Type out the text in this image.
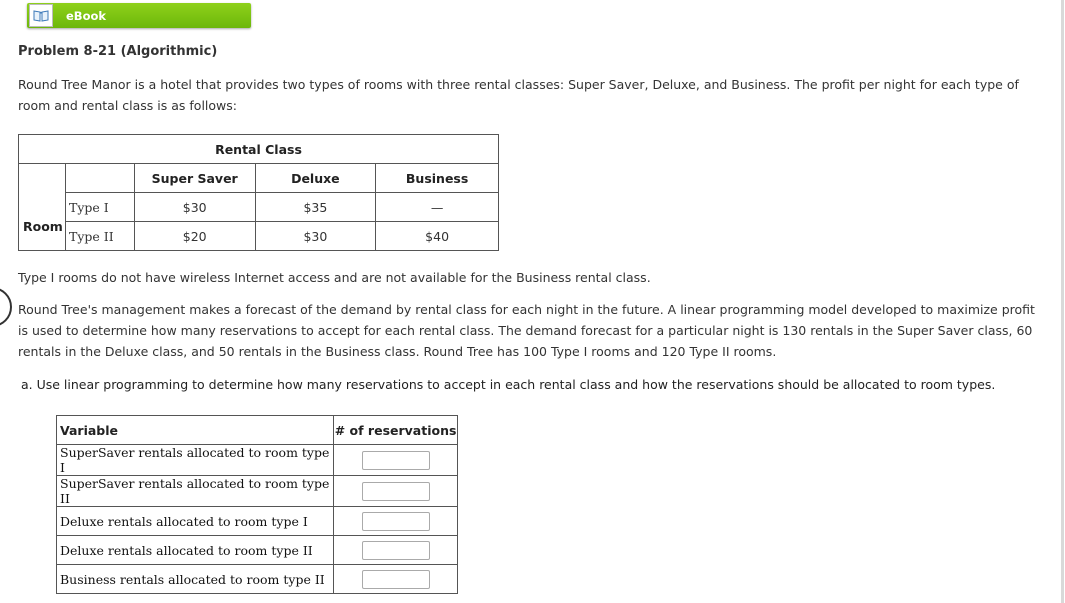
eBook
Problem 8-21 (Algorithmic)
Round Tree Manor is a hotel that provides two types of rooms with three rental classes: Super Saver, Deluxe, and Business. The profit per night for each type of room and rental class is as follows:
Rental Class				
Room		Super Saver	Deluxe	Business
	Type I	$30	$35	—
	Type II	$20	$30	$40
Type I rooms do not have wireless Internet access and are not available for the Business rental class.
Round Tree's management makes a forecast of the demand by rental class for each night in the future. A linear programming model developed to maximize profit is used to determine how many reservations to accept for each rental class. The demand forecast for a particular night is 130 rentals in the Super Saver class, 60 rentals in the Deluxe class, and 50 rentals in the Business class. Round Tree has 100 Type I rooms and 120 Type II rooms.
a. Use linear programming to determine how many reservations to accept in each rental class and how the reservations should be allocated to room types.
Variable	# of reservations
SuperSaver rentals allocated to room type I	
SuperSaver rentals allocated to room type II	
Deluxe rentals allocated to room type I	
Deluxe rentals allocated to room type II	
Business rentals allocated to room type II	
